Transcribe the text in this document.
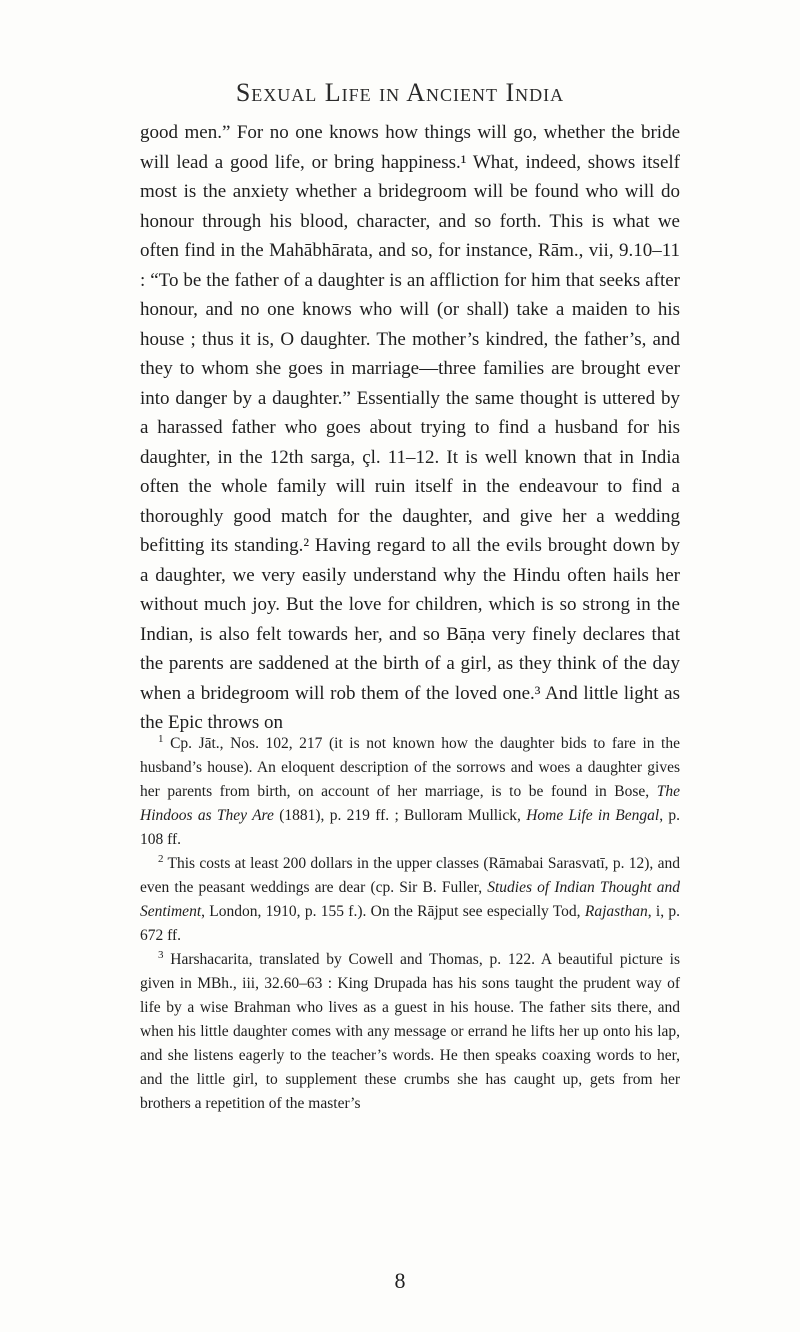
Sexual Life in Ancient India

good men.” For no one knows how things will go, whether the bride will lead a good life, or bring happiness.¹ What, indeed, shows itself most is the anxiety whether a bridegroom will be found who will do honour through his blood, character, and so forth. This is what we often find in the Mahābhārata, and so, for instance, Rām., vii, 9.10–11 : “To be the father of a daughter is an affliction for him that seeks after honour, and no one knows who will (or shall) take a maiden to his house ; thus it is, O daughter. The mother’s kindred, the father’s, and they to whom she goes in marriage—three families are brought ever into danger by a daughter.” Essentially the same thought is uttered by a harassed father who goes about trying to find a husband for his daughter, in the 12th sarga, çl. 11–12. It is well known that in India often the whole family will ruin itself in the endeavour to find a thoroughly good match for the daughter, and give her a wedding befitting its standing.² Having regard to all the evils brought down by a daughter, we very easily understand why the Hindu often hails her without much joy. But the love for children, which is so strong in the Indian, is also felt towards her, and so Bāṇa very finely declares that the parents are saddened at the birth of a girl, as they think of the day when a bridegroom will rob them of the loved one.³ And little light as the Epic throws on

$^1$ Cp. Jāt., Nos. 102, 217 (it is not known how the daughter bids to fare in the husband’s house). An eloquent description of the sorrows and woes a daughter gives her parents from birth, on account of her marriage, is to be found in Bose, The Hindoos as They Are (1881), p. 219 ff. ; Bulloram Mullick, Home Life in Bengal, p. 108 ff.

$^2$ This costs at least 200 dollars in the upper classes (Rāmabai Sarasvatī, p. 12), and even the peasant weddings are dear (cp. Sir B. Fuller, Studies of Indian Thought and Sentiment, London, 1910, p. 155 f.). On the Rājput see especially Tod, Rajasthan, i, p. 672 ff.

$^3$ Harshacarita, translated by Cowell and Thomas, p. 122. A beautiful picture is given in MBh., iii, 32.60–63 : King Drupada has his sons taught the prudent way of life by a wise Brahman who lives as a guest in his house. The father sits there, and when his little daughter comes with any message or errand he lifts her up onto his lap, and she listens eagerly to the teacher’s words. He then speaks coaxing words to her, and the little girl, to supplement these crumbs she has caught up, gets from her brothers a repetition of the master’s

8
